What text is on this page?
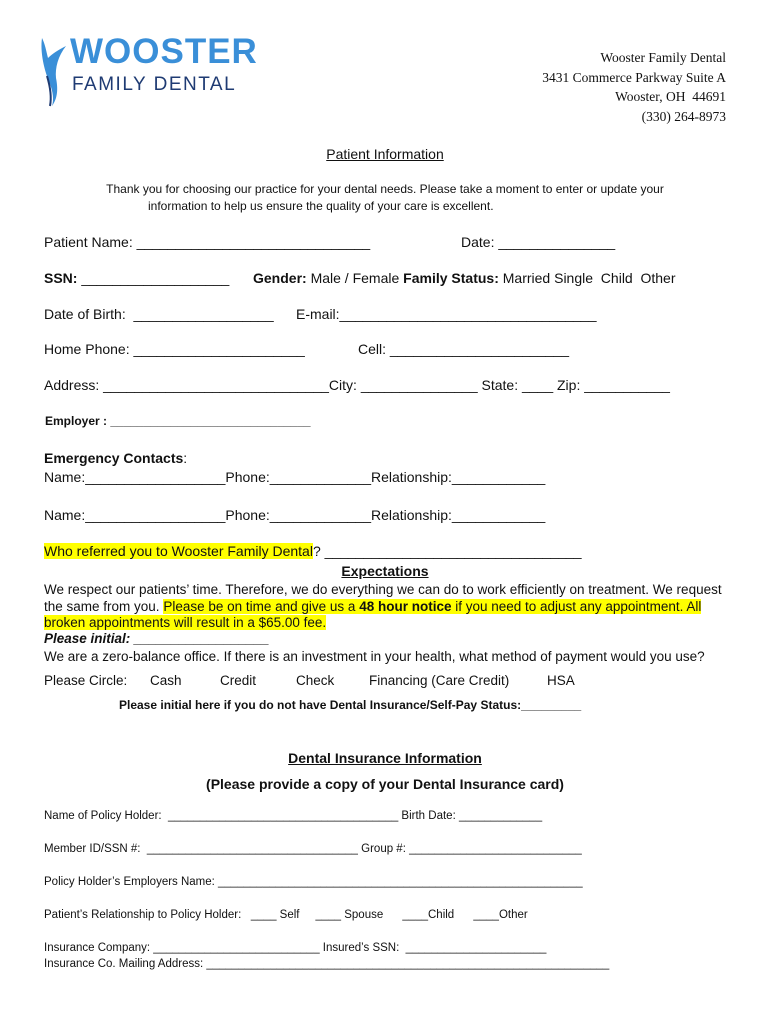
WOOSTER
FAMILY DENTAL
Wooster Family Dental
3431 Commerce Parkway Suite A
Wooster, OH  44691
(330) 264-8973
Patient Information
Thank you for choosing our practice for your dental needs. Please take a moment to enter or update your
information to help us ensure the quality of your care is excellent.
Patient Name: ______________________________	Date: _______________
SSN: ___________________ Gender: Male / Female Family Status: Married Single  Child  Other
Date of Birth:  __________________ E-mail:_________________________________
Home Phone: ______________________	Cell: _______________________
Address: _____________________________City: _______________ State: ____ Zip: ___________
Employer : ______________________________
Emergency Contacts:
Name:__________________Phone:_____________Relationship:____________
Name:__________________Phone:_____________Relationship:____________
Who referred you to Wooster Family Dental? _________________________________
Expectations
We respect our patients’ time. Therefore, we do everything we can do to work efficiently on treatment. We request the same from you. Please be on time and give us a 48 hour notice if you need to adjust any appointment. All broken appointments will result in a $65.00 fee.
Please initial: __________________
We are a zero-balance office. If there is an investment in your health, what method of payment would you use?
Please Circle: Cash	Credit	Check	Financing (Care Credit)	HSA
Please initial here if you do not have Dental Insurance/Self-Pay Status:_________
Dental Insurance Information
(Please provide a copy of your Dental Insurance card)
Name of Policy Holder:  ____________________________________ Birth Date: _____________
Member ID/SSN #:  _________________________________ Group #: ___________________________
Policy Holder’s Employers Name: _________________________________________________________
Patient’s Relationship to Policy Holder:   ____ Self     ____ Spouse      ____Child      ____Other
Insurance Company: __________________________ Insured’s SSN:  ______________________
Insurance Co. Mailing Address: _______________________________________________________________
